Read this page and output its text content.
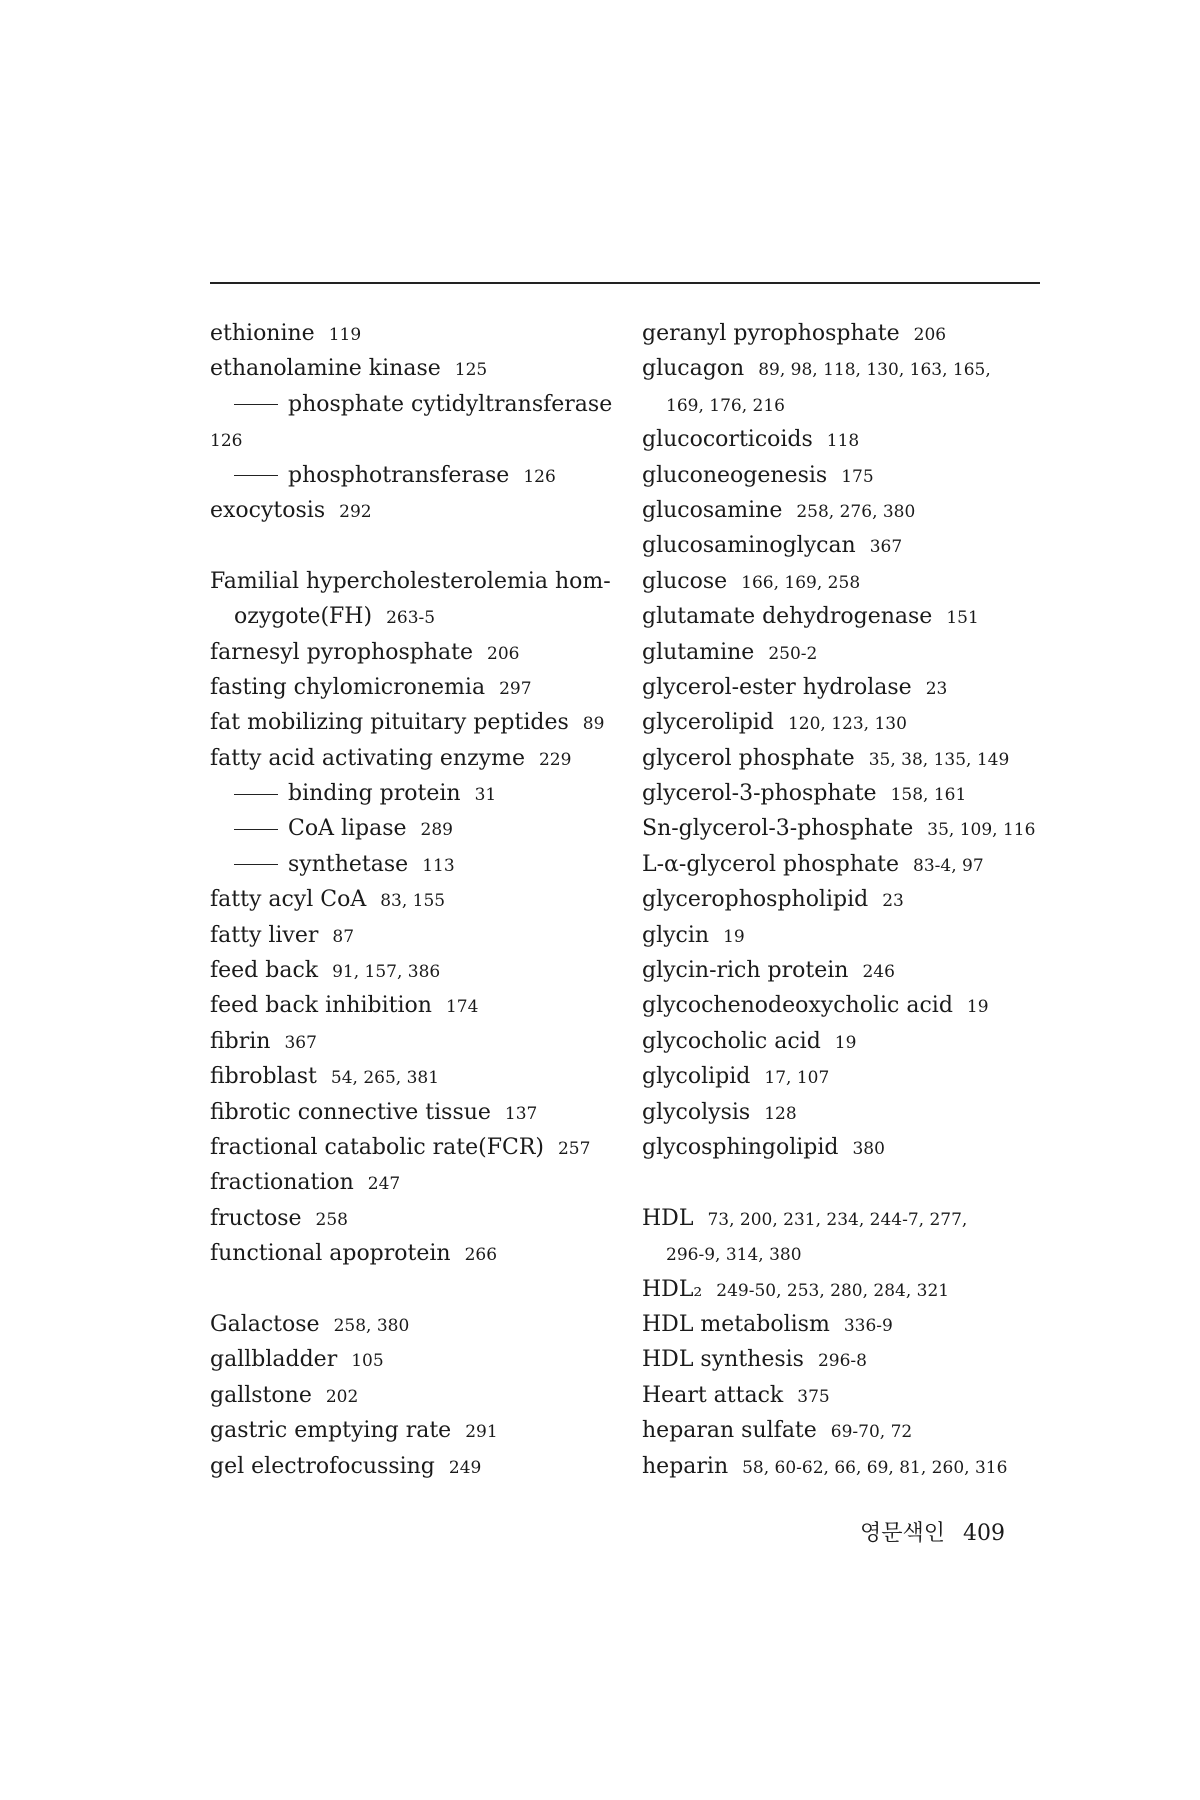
ethionine 119
ethanolamine kinase 125
phosphate cytidyltransferase
126
phosphotransferase 126
exocytosis 292
Familial hypercholesterolemia hom-
ozygote(FH) 263-5
farnesyl pyrophosphate 206
fasting chylomicronemia 297
fat mobilizing pituitary peptides 89
fatty acid activating enzyme 229
binding protein 31
CoA lipase 289
synthetase 113
fatty acyl CoA 83, 155
fatty liver 87
feed back 91, 157, 386
feed back inhibition 174
fibrin 367
fibroblast 54, 265, 381
fibrotic connective tissue 137
fractional catabolic rate(FCR) 257
fractionation 247
fructose 258
functional apoprotein 266
Galactose 258, 380
gallbladder 105
gallstone 202
gastric emptying rate 291
gel electrofocussing 249
geranyl pyrophosphate 206
glucagon 89, 98, 118, 130, 163, 165,
169, 176, 216
glucocorticoids 118
gluconeogenesis 175
glucosamine 258, 276, 380
glucosaminoglycan 367
glucose 166, 169, 258
glutamate dehydrogenase 151
glutamine 250-2
glycerol-ester hydrolase 23
glycerolipid 120, 123, 130
glycerol phosphate 35, 38, 135, 149
glycerol-3-phosphate 158, 161
Sn-glycerol-3-phosphate 35, 109, 116
L-α-glycerol phosphate 83-4, 97
glycerophospholipid 23
glycin 19
glycin-rich protein 246
glycochenodeoxycholic acid 19
glycocholic acid 19
glycolipid 17, 107
glycolysis 128
glycosphingolipid 380
HDL 73, 200, 231, 234, 244-7, 277,
296-9, 314, 380
HDL₂ 249-50, 253, 280, 284, 321
HDL metabolism 336-9
HDL synthesis 296-8
Heart attack 375
heparan sulfate 69-70, 72
heparin 58, 60-62, 66, 69, 81, 260, 316
영문색인 409
